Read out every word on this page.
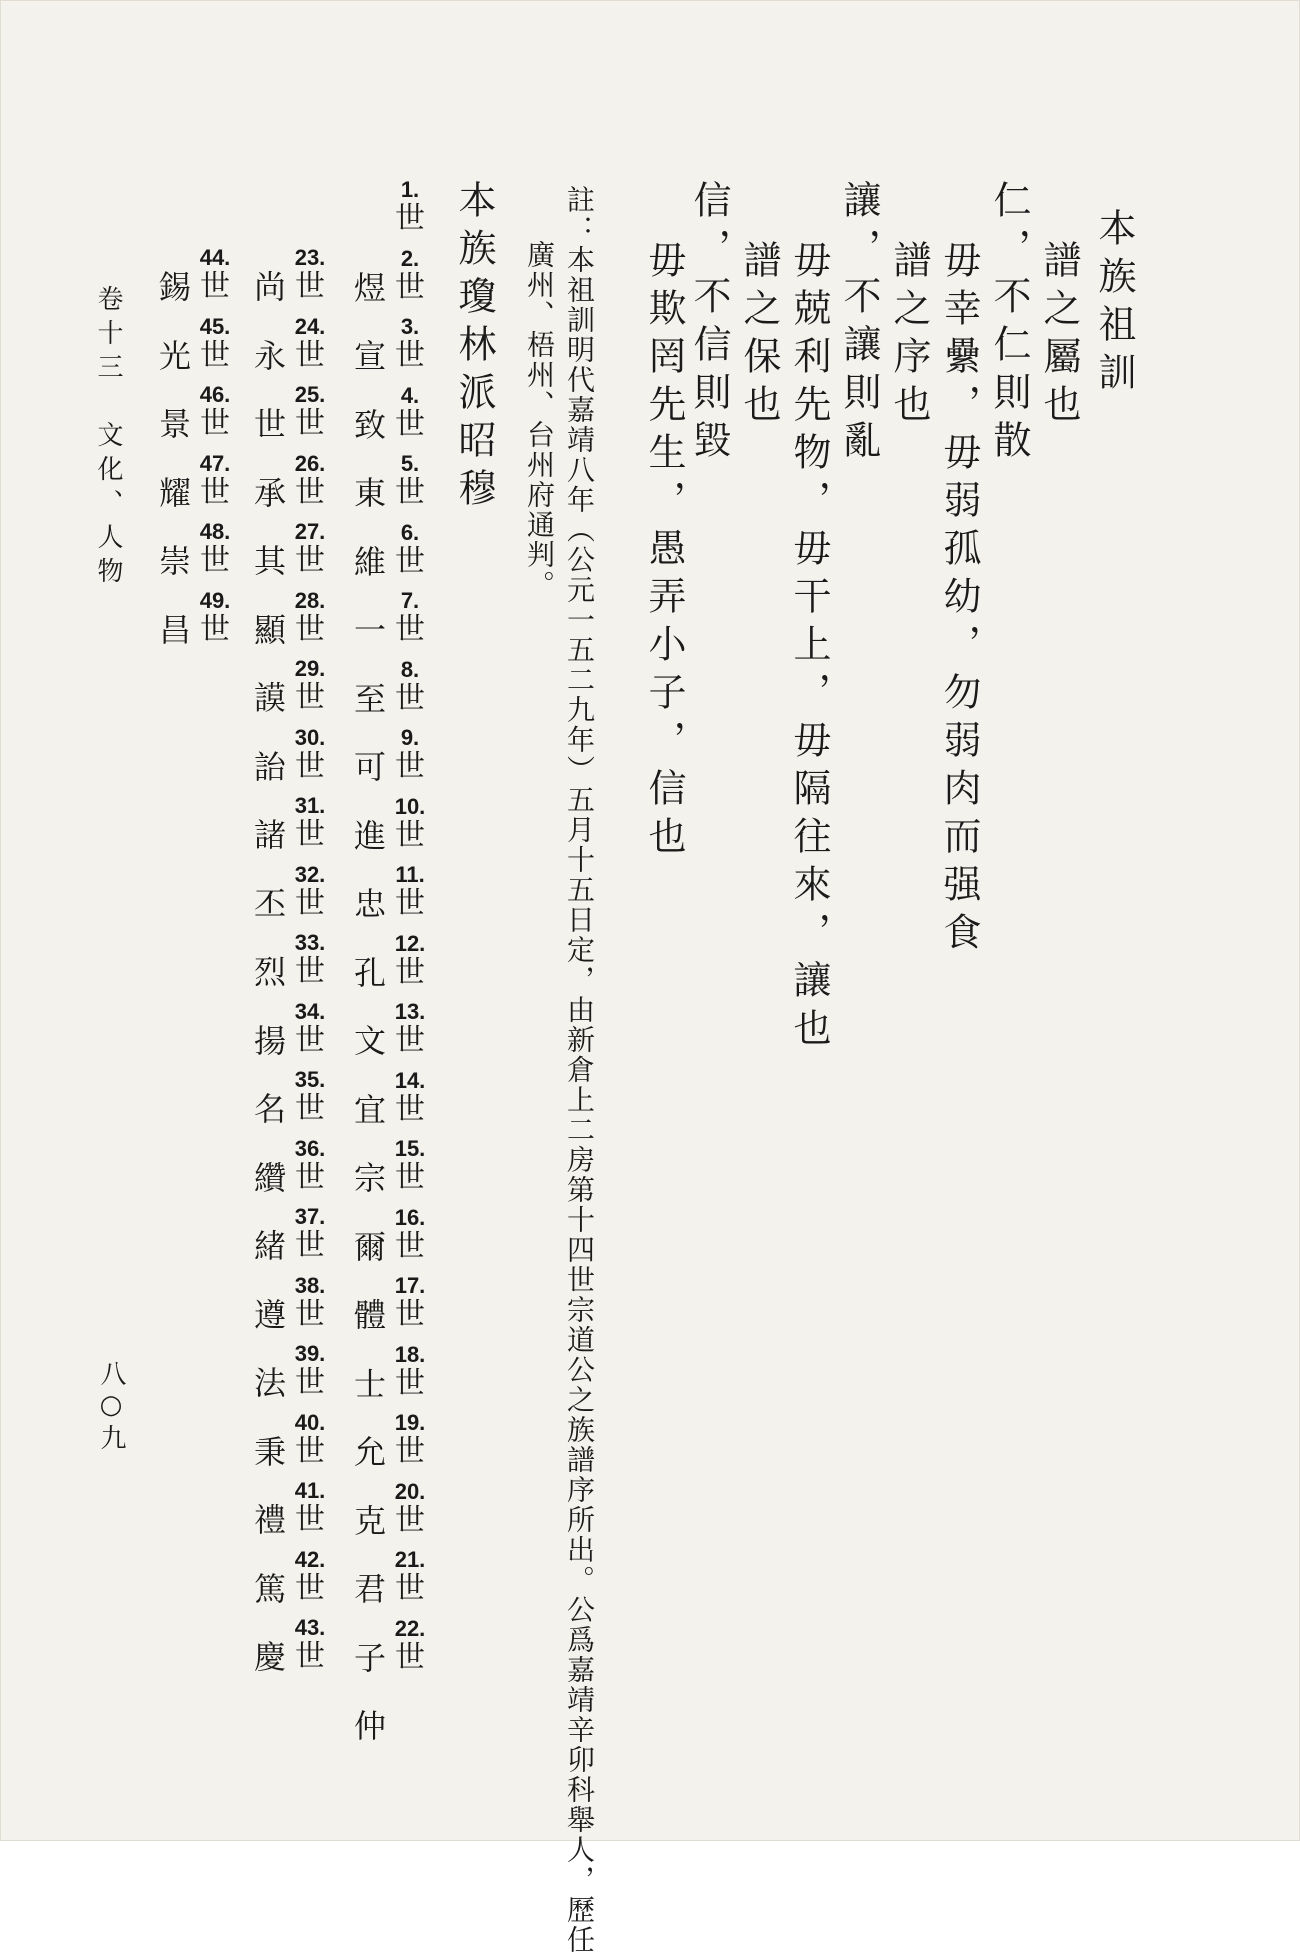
本族祖訓
仁，不仁則散 譜之屬也
毋幸纍，毋弱孤幼，勿弱肉而强食
讓，不讓則亂 譜之序也
毋兢利先物，毋干上，毋隔往來，讓也
信，不信則毀 譜之保也
毋欺罔先生，愚弄小子，信也
註：本祖訓明代嘉靖八年（公元一五二九年）五月十五日定，由新倉上二房第十四世宗道公之族譜序所出。公爲嘉靖辛卯科舉人，歷任
廣州、梧州、台州府通判。
本族瓊林派昭穆
1.
世
2.
世
3.
世
4.
世
5.
世
6.
世
7.
世
8.
世
9.
世
10.
世
11.
世
12.
世
13.
世
14.
世
15.
世
16.
世
17.
世
18.
世
19.
世
20.
世
21.
世
22.
世
煜
宣
致
東
維
一
至
可
進
忠
孔
文
宜
宗
爾
體
士
允
克
君
子
仲
23.
世
24.
世
25.
世
26.
世
27.
世
28.
世
29.
世
30.
世
31.
世
32.
世
33.
世
34.
世
35.
世
36.
世
37.
世
38.
世
39.
世
40.
世
41.
世
42.
世
43.
世
尚
永
世
承
其
顯
謨
詒
諸
丕
烈
揚
名
纘
緒
遵
法
秉
禮
篤
慶
44.
世
45.
世
46.
世
47.
世
48.
世
49.
世
錫
光
景
耀
崇
昌
卷十三　文化、人物
八○九
